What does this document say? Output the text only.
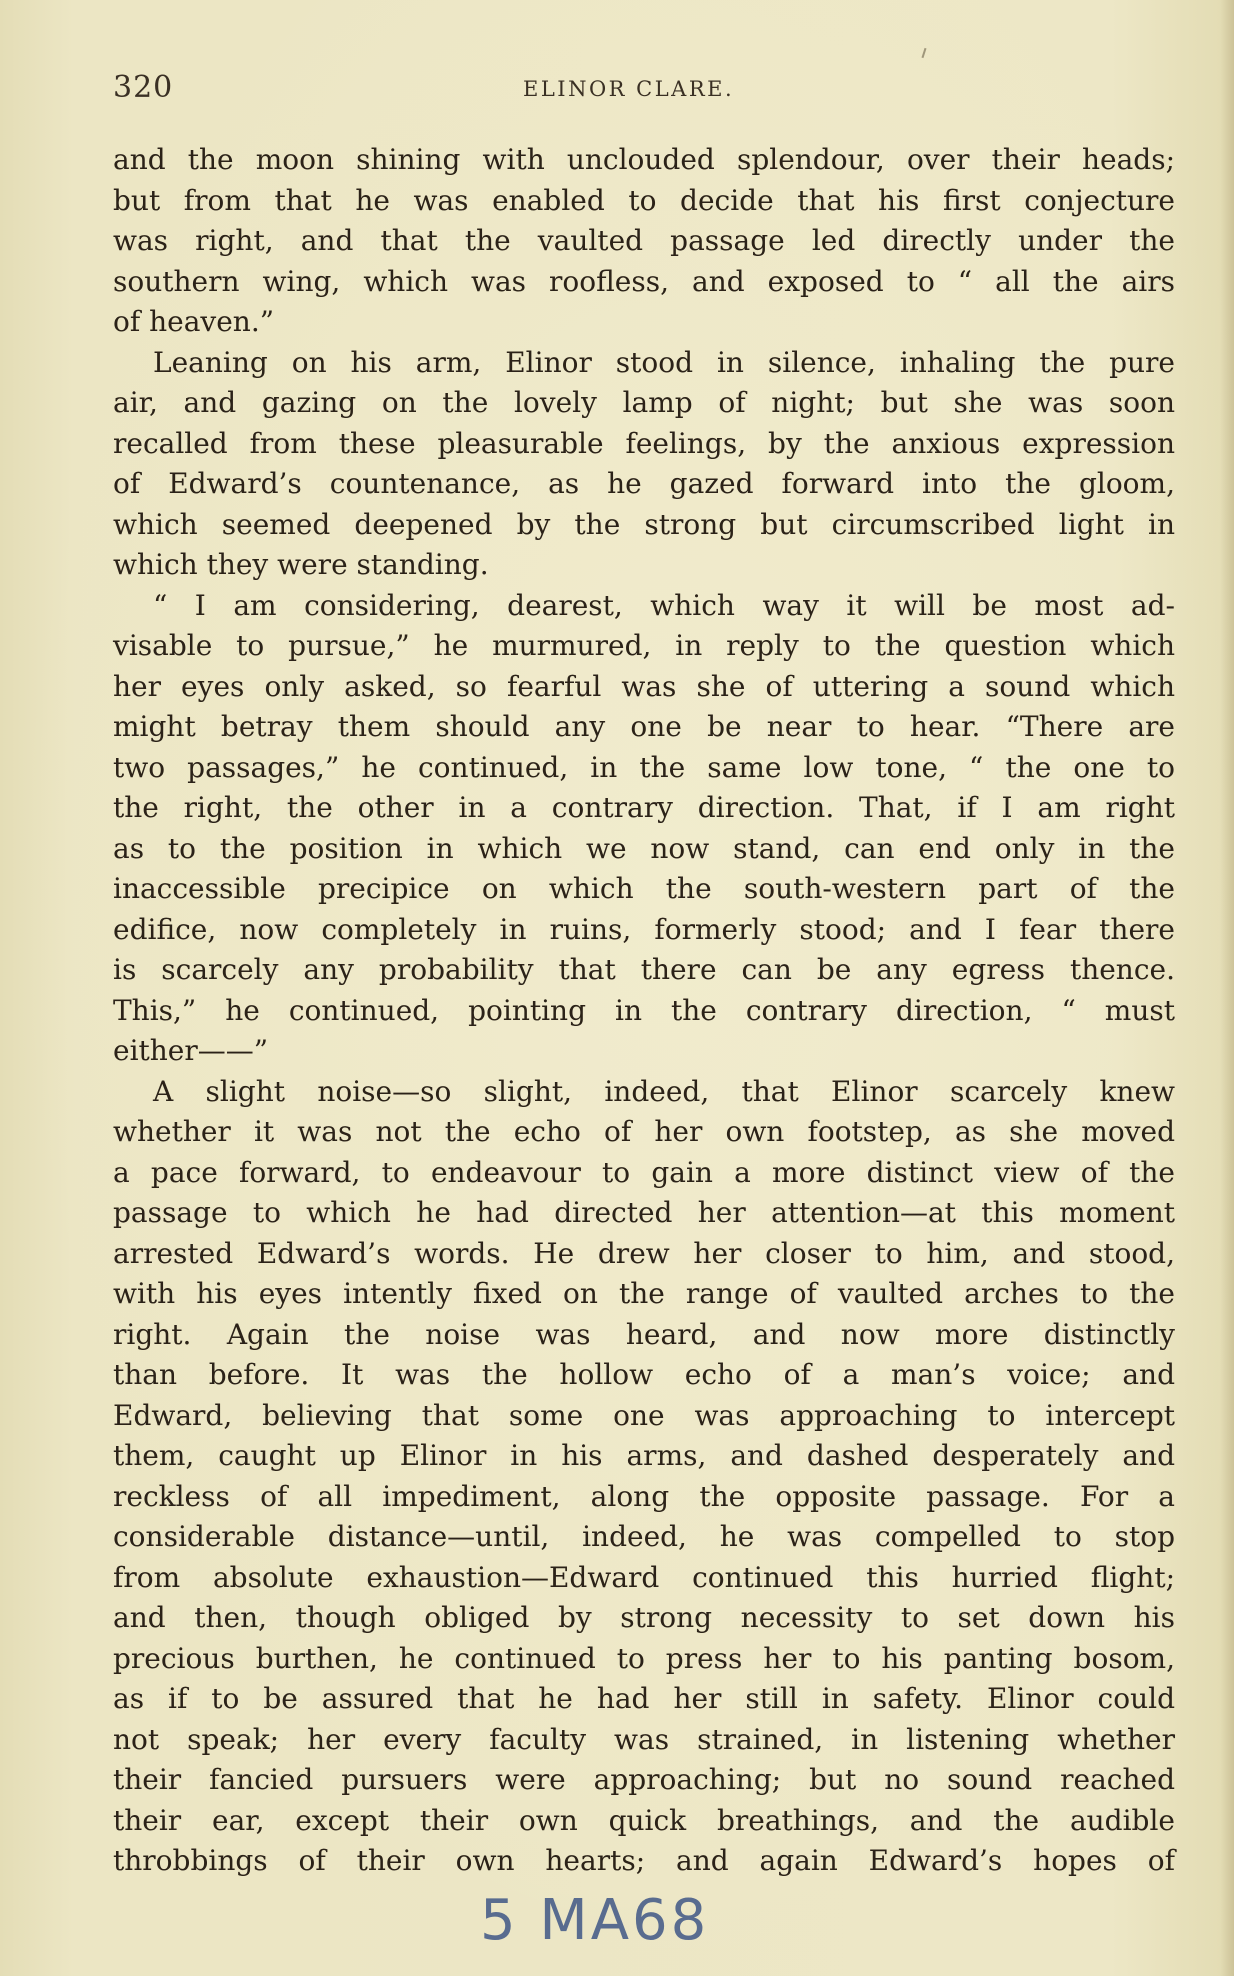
320	ELINOR CLARE.
and the moon shining with unclouded splendour, over their heads;
but from that he was enabled to decide that his first conjecture
was right, and that the vaulted passage led directly under the
southern wing, which was roofless, and exposed to “ all the airs
of heaven.”
Leaning on his arm, Elinor stood in silence, inhaling the pure
air, and gazing on the lovely lamp of night; but she was soon
recalled from these pleasurable feelings, by the anxious expression
of Edward’s countenance, as he gazed forward into the gloom,
which seemed deepened by the strong but circumscribed light in
which they were standing.
“ I am considering, dearest, which way it will be most ad-
visable to pursue,” he murmured, in reply to the question which
her eyes only asked, so fearful was she of uttering a sound which
might betray them should any one be near to hear. “There are
two passages,” he continued, in the same low tone, “ the one to
the right, the other in a contrary direction. That, if I am right
as to the position in which we now stand, can end only in the
inaccessible precipice on which the south-western part of the
edifice, now completely in ruins, formerly stood; and I fear there
is scarcely any probability that there can be any egress thence.
This,” he continued, pointing in the contrary direction, “ must
either——”
A slight noise—so slight, indeed, that Elinor scarcely knew
whether it was not the echo of her own footstep, as she moved
a pace forward, to endeavour to gain a more distinct view of the
passage to which he had directed her attention—at this moment
arrested Edward’s words. He drew her closer to him, and stood,
with his eyes intently fixed on the range of vaulted arches to the
right. Again the noise was heard, and now more distinctly
than before. It was the hollow echo of a man’s voice; and
Edward, believing that some one was approaching to intercept
them, caught up Elinor in his arms, and dashed desperately and
reckless of all impediment, along the opposite passage. For a
considerable distance—until, indeed, he was compelled to stop
from absolute exhaustion—Edward continued this hurried flight;
and then, though obliged by strong necessity to set down his
precious burthen, he continued to press her to his panting bosom,
as if to be assured that he had her still in safety. Elinor could
not speak; her every faculty was strained, in listening whether
their fancied pursuers were approaching; but no sound reached
their ear, except their own quick breathings, and the audible
throbbings of their own hearts; and again Edward’s hopes of
5 MA68
